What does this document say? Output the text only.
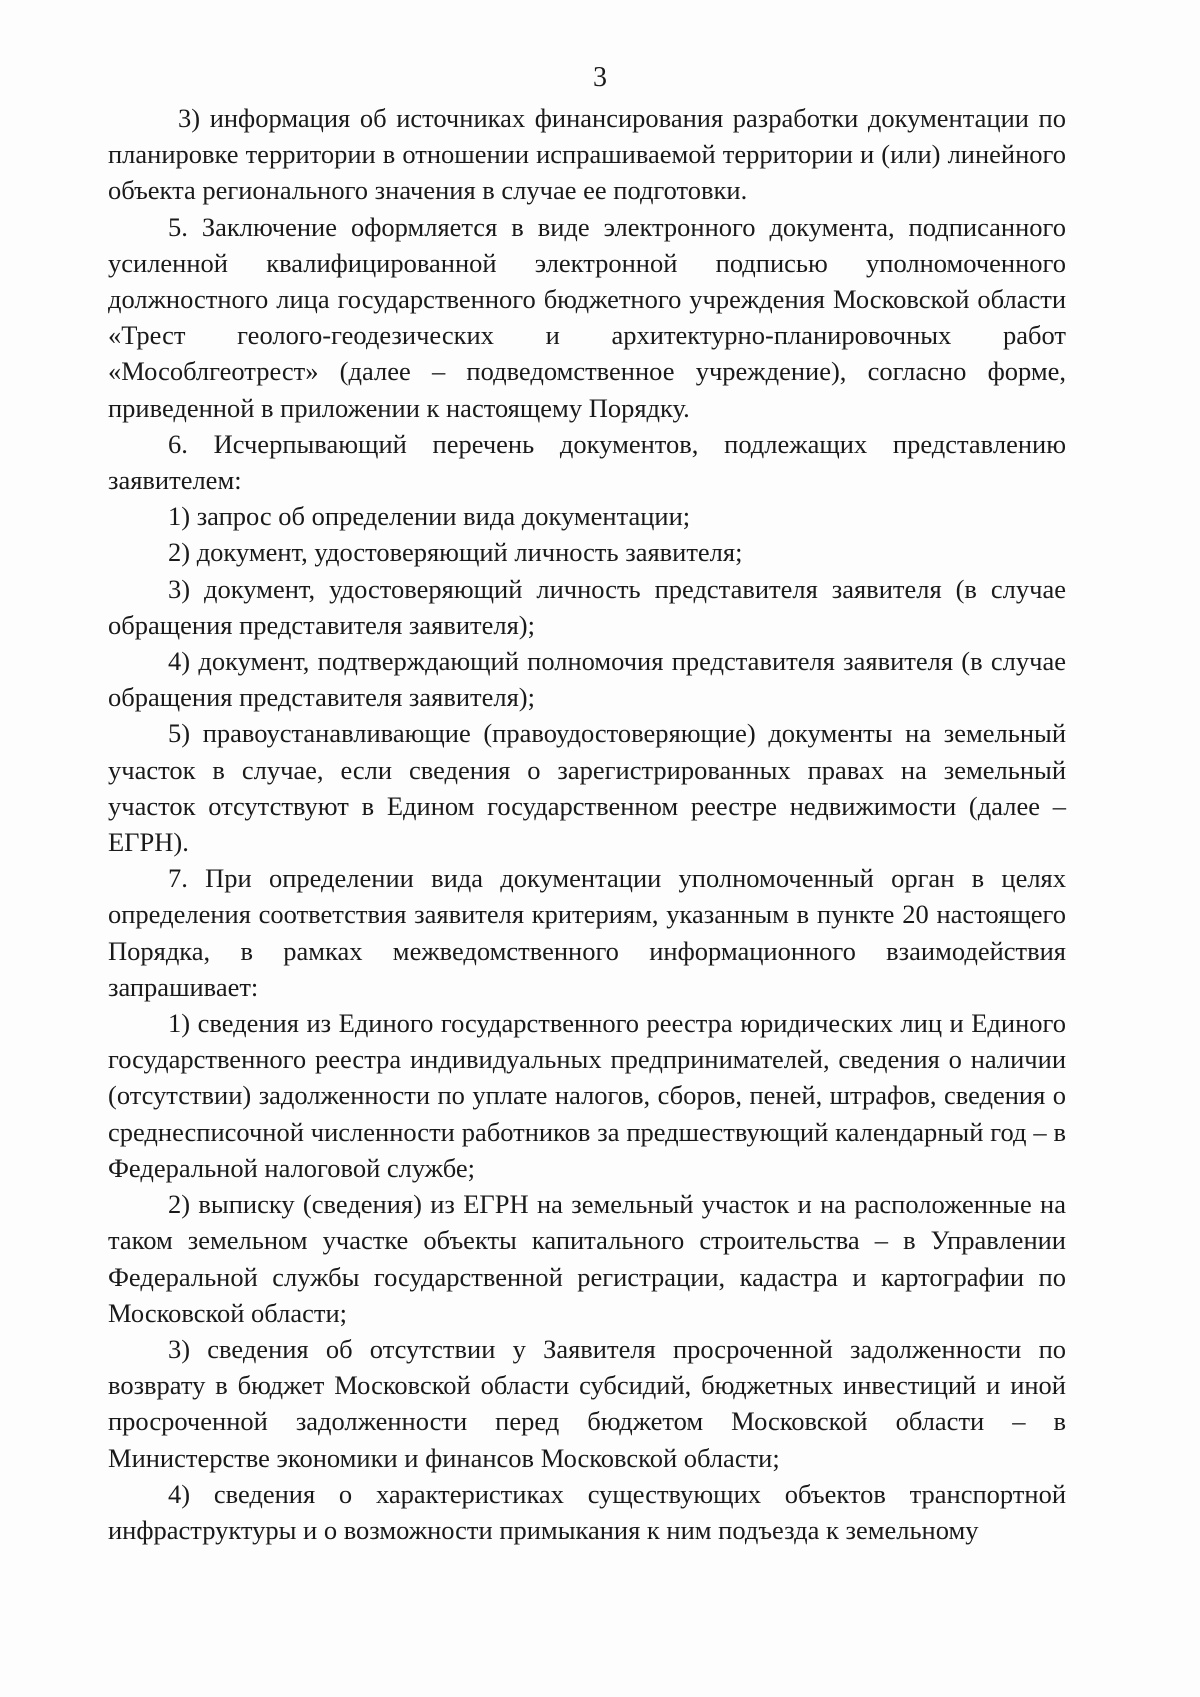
3

3) информация об источниках финансирования разработки документации по планировке территории в отношении испрашиваемой территории и (или) линейного объекта регионального значения в случае ее подготовки.

5. Заключение оформляется в виде электронного документа, подписанного усиленной квалифицированной электронной подписью уполномоченного должностного лица государственного бюджетного учреждения Московской области «Трест геолого-геодезических и архитектурно-планировочных работ «Мособлгеотрест» (далее – подведомственное учреждение), согласно форме, приведенной в приложении к настоящему Порядку.

6. Исчерпывающий перечень документов, подлежащих представлению заявителем:

1) запрос об определении вида документации;

2) документ, удостоверяющий личность заявителя;

3) документ, удостоверяющий личность представителя заявителя (в случае обращения представителя заявителя);

4) документ, подтверждающий полномочия представителя заявителя (в случае обращения представителя заявителя);

5) правоустанавливающие (правоудостоверяющие) документы на земельный участок в случае, если сведения о зарегистрированных правах на земельный участок отсутствуют в Едином государственном реестре недвижимости (далее – ЕГРН).

7. При определении вида документации уполномоченный орган в целях определения соответствия заявителя критериям, указанным в пункте 20 настоящего Порядка, в рамках межведомственного информационного взаимодействия запрашивает:

1) сведения из Единого государственного реестра юридических лиц и Единого государственного реестра индивидуальных предпринимателей, сведения о наличии (отсутствии) задолженности по уплате налогов, сборов, пеней, штрафов, сведения о среднесписочной численности работников за предшествующий календарный год – в Федеральной налоговой службе;

2) выписку (сведения) из ЕГРН на земельный участок и на расположенные на таком земельном участке объекты капитального строительства – в Управлении Федеральной службы государственной регистрации, кадастра и картографии по Московской области;

3) сведения об отсутствии у Заявителя просроченной задолженности по возврату в бюджет Московской области субсидий, бюджетных инвестиций и иной просроченной задолженности перед бюджетом Московской области – в Министерстве экономики и финансов Московской области;

4) сведения о характеристиках существующих объектов транспортной инфраструктуры и о возможности примыкания к ним подъезда к земельному
